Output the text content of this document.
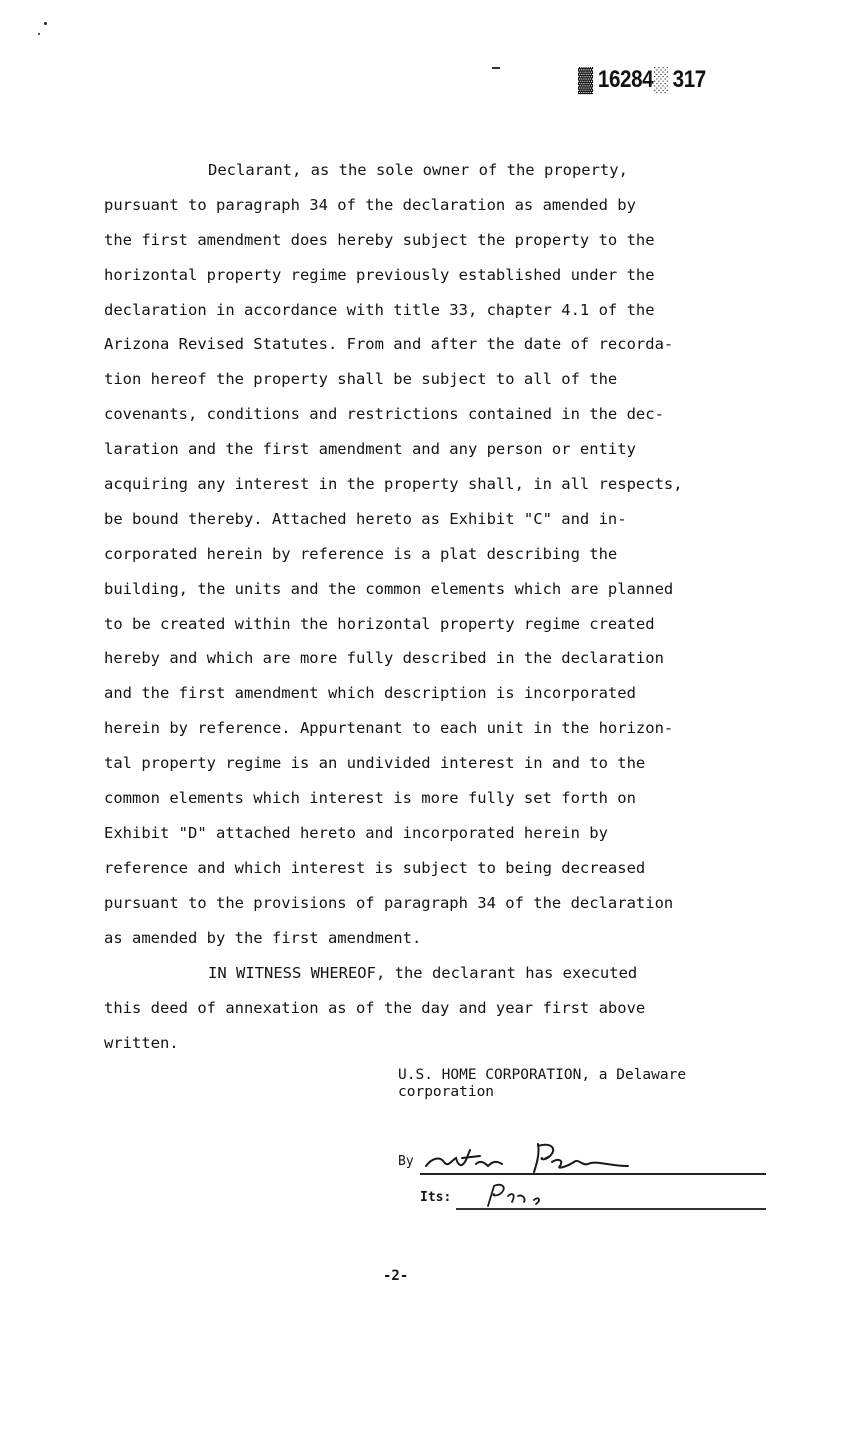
▓ 16284░ 317
Declarant, as the sole owner of the property,
pursuant to paragraph 34 of the declaration as amended by
the first amendment does hereby subject the property to the
horizontal property regime previously established under the
declaration in accordance with title 33, chapter 4.1 of the
Arizona Revised Statutes. From and after the date of recorda-
tion hereof the property shall be subject to all of the
covenants, conditions and restrictions contained in the dec-
laration and the first amendment and any person or entity
acquiring any interest in the property shall, in all respects,
be bound thereby. Attached hereto as Exhibit "C" and in-
corporated herein by reference is a plat describing the
building, the units and the common elements which are planned
to be created within the horizontal property regime created
hereby and which are more fully described in the declaration
and the first amendment which description is incorporated
herein by reference. Appurtenant to each unit in the horizon-
tal property regime is an undivided interest in and to the
common elements which interest is more fully set forth on
Exhibit "D" attached hereto and incorporated herein by
reference and which interest is subject to being decreased
pursuant to the provisions of paragraph 34 of the declaration
as amended by the first amendment.
IN WITNESS WHEREOF, the declarant has executed
this deed of annexation as of the day and year first above
written.
U.S. HOME CORPORATION, a Delaware
corporation
By
Its:
-2-
